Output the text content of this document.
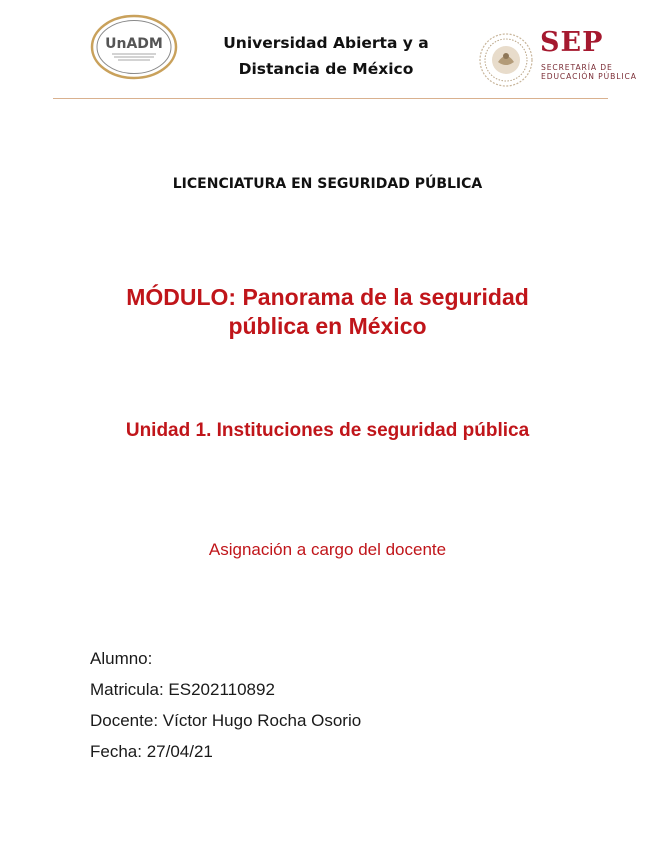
UnADM	Universidad Abierta y a
Distancia de México
SEP
SECRETARÍA DE
EDUCACIÓN PÚBLICA
LICENCIATURA EN SEGURIDAD PÚBLICA
MÓDULO: Panorama de la seguridad
pública en México
Unidad 1. Instituciones de seguridad pública
Asignación a cargo del docente
Alumno:
Matricula: ES202110892
Docente: Víctor Hugo Rocha Osorio
Fecha: 27/04/21
